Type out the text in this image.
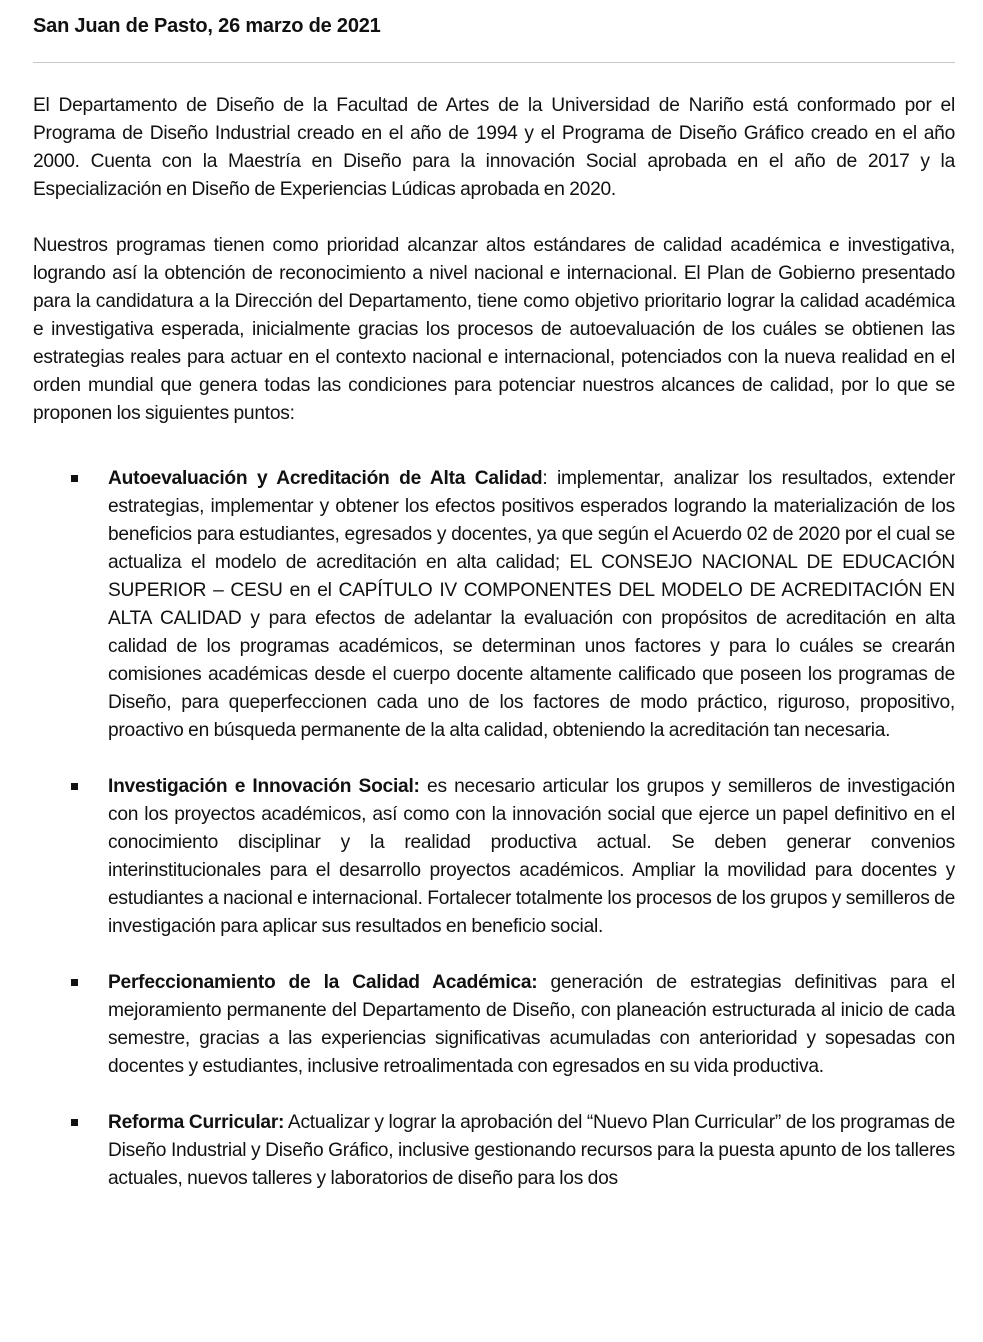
San Juan de Pasto, 26 marzo de 2021

El Departamento de Diseño de la Facultad de Artes de la Universidad de Nariño está conformado por el Programa de Diseño Industrial creado en el año de 1994 y el Programa de Diseño Gráfico creado en el año 2000. Cuenta con la Maestría en Diseño para la innovación Social aprobada en el año de 2017 y la Especialización en Diseño de Experiencias Lúdicas aprobada en 2020.

Nuestros programas tienen como prioridad alcanzar altos estándares de calidad académica e investigativa, logrando así la obtención de reconocimiento a nivel nacional e internacional. El Plan de Gobierno presentado para la candidatura a la Dirección del Departamento, tiene como objetivo prioritario lograr la calidad académica e investigativa esperada, inicialmente gracias los procesos de autoevaluación de los cuáles se obtienen las estrategias reales para actuar en el contexto nacional e internacional, potenciados con la nueva realidad en el orden mundial que genera todas las condiciones para potenciar nuestros alcances de calidad, por lo que se proponen los siguientes puntos:

Autoevaluación y Acreditación de Alta Calidad: implementar, analizar los resultados, extender estrategias, implementar y obtener los efectos positivos esperados logrando la materialización de los beneficios para estudiantes, egresados y docentes, ya que según el Acuerdo 02 de 2020 por el cual se actualiza el modelo de acreditación en alta calidad; EL CONSEJO NACIONAL DE EDUCACIÓN SUPERIOR – CESU en el CAPÍTULO IV COMPONENTES DEL MODELO DE ACREDITACIÓN EN ALTA CALIDAD y para efectos de adelantar la evaluación con propósitos de acreditación en alta calidad de los programas académicos, se determinan unos factores y para lo cuáles se crearán comisiones académicas desde el cuerpo docente altamente calificado que poseen los programas de Diseño, para queperfeccionen cada uno de los factores de modo práctico, riguroso, propositivo, proactivo en búsqueda permanente de la alta calidad, obteniendo la acreditación tan necesaria.
Investigación e Innovación Social: es necesario articular los grupos y semilleros de investigación con los proyectos académicos, así como con la innovación social que ejerce un papel definitivo en el conocimiento disciplinar y la realidad productiva actual. Se deben generar convenios interinstitucionales para el desarrollo proyectos académicos. Ampliar la movilidad para docentes y estudiantes a nacional e internacional. Fortalecer totalmente los procesos de los grupos y semilleros de investigación para aplicar sus resultados en beneficio social.
Perfeccionamiento de la Calidad Académica: generación de estrategias definitivas para el mejoramiento permanente del Departamento de Diseño, con planeación estructurada al inicio de cada semestre, gracias a las experiencias significativas acumuladas con anterioridad y sopesadas con docentes y estudiantes, inclusive retroalimentada con egresados en su vida productiva.
Reforma Curricular: Actualizar y lograr la aprobación del “Nuevo Plan Curricular” de los programas de Diseño Industrial y Diseño Gráfico, inclusive gestionando recursos para la puesta apunto de los talleres actuales, nuevos talleres y laboratorios de diseño para los dos
